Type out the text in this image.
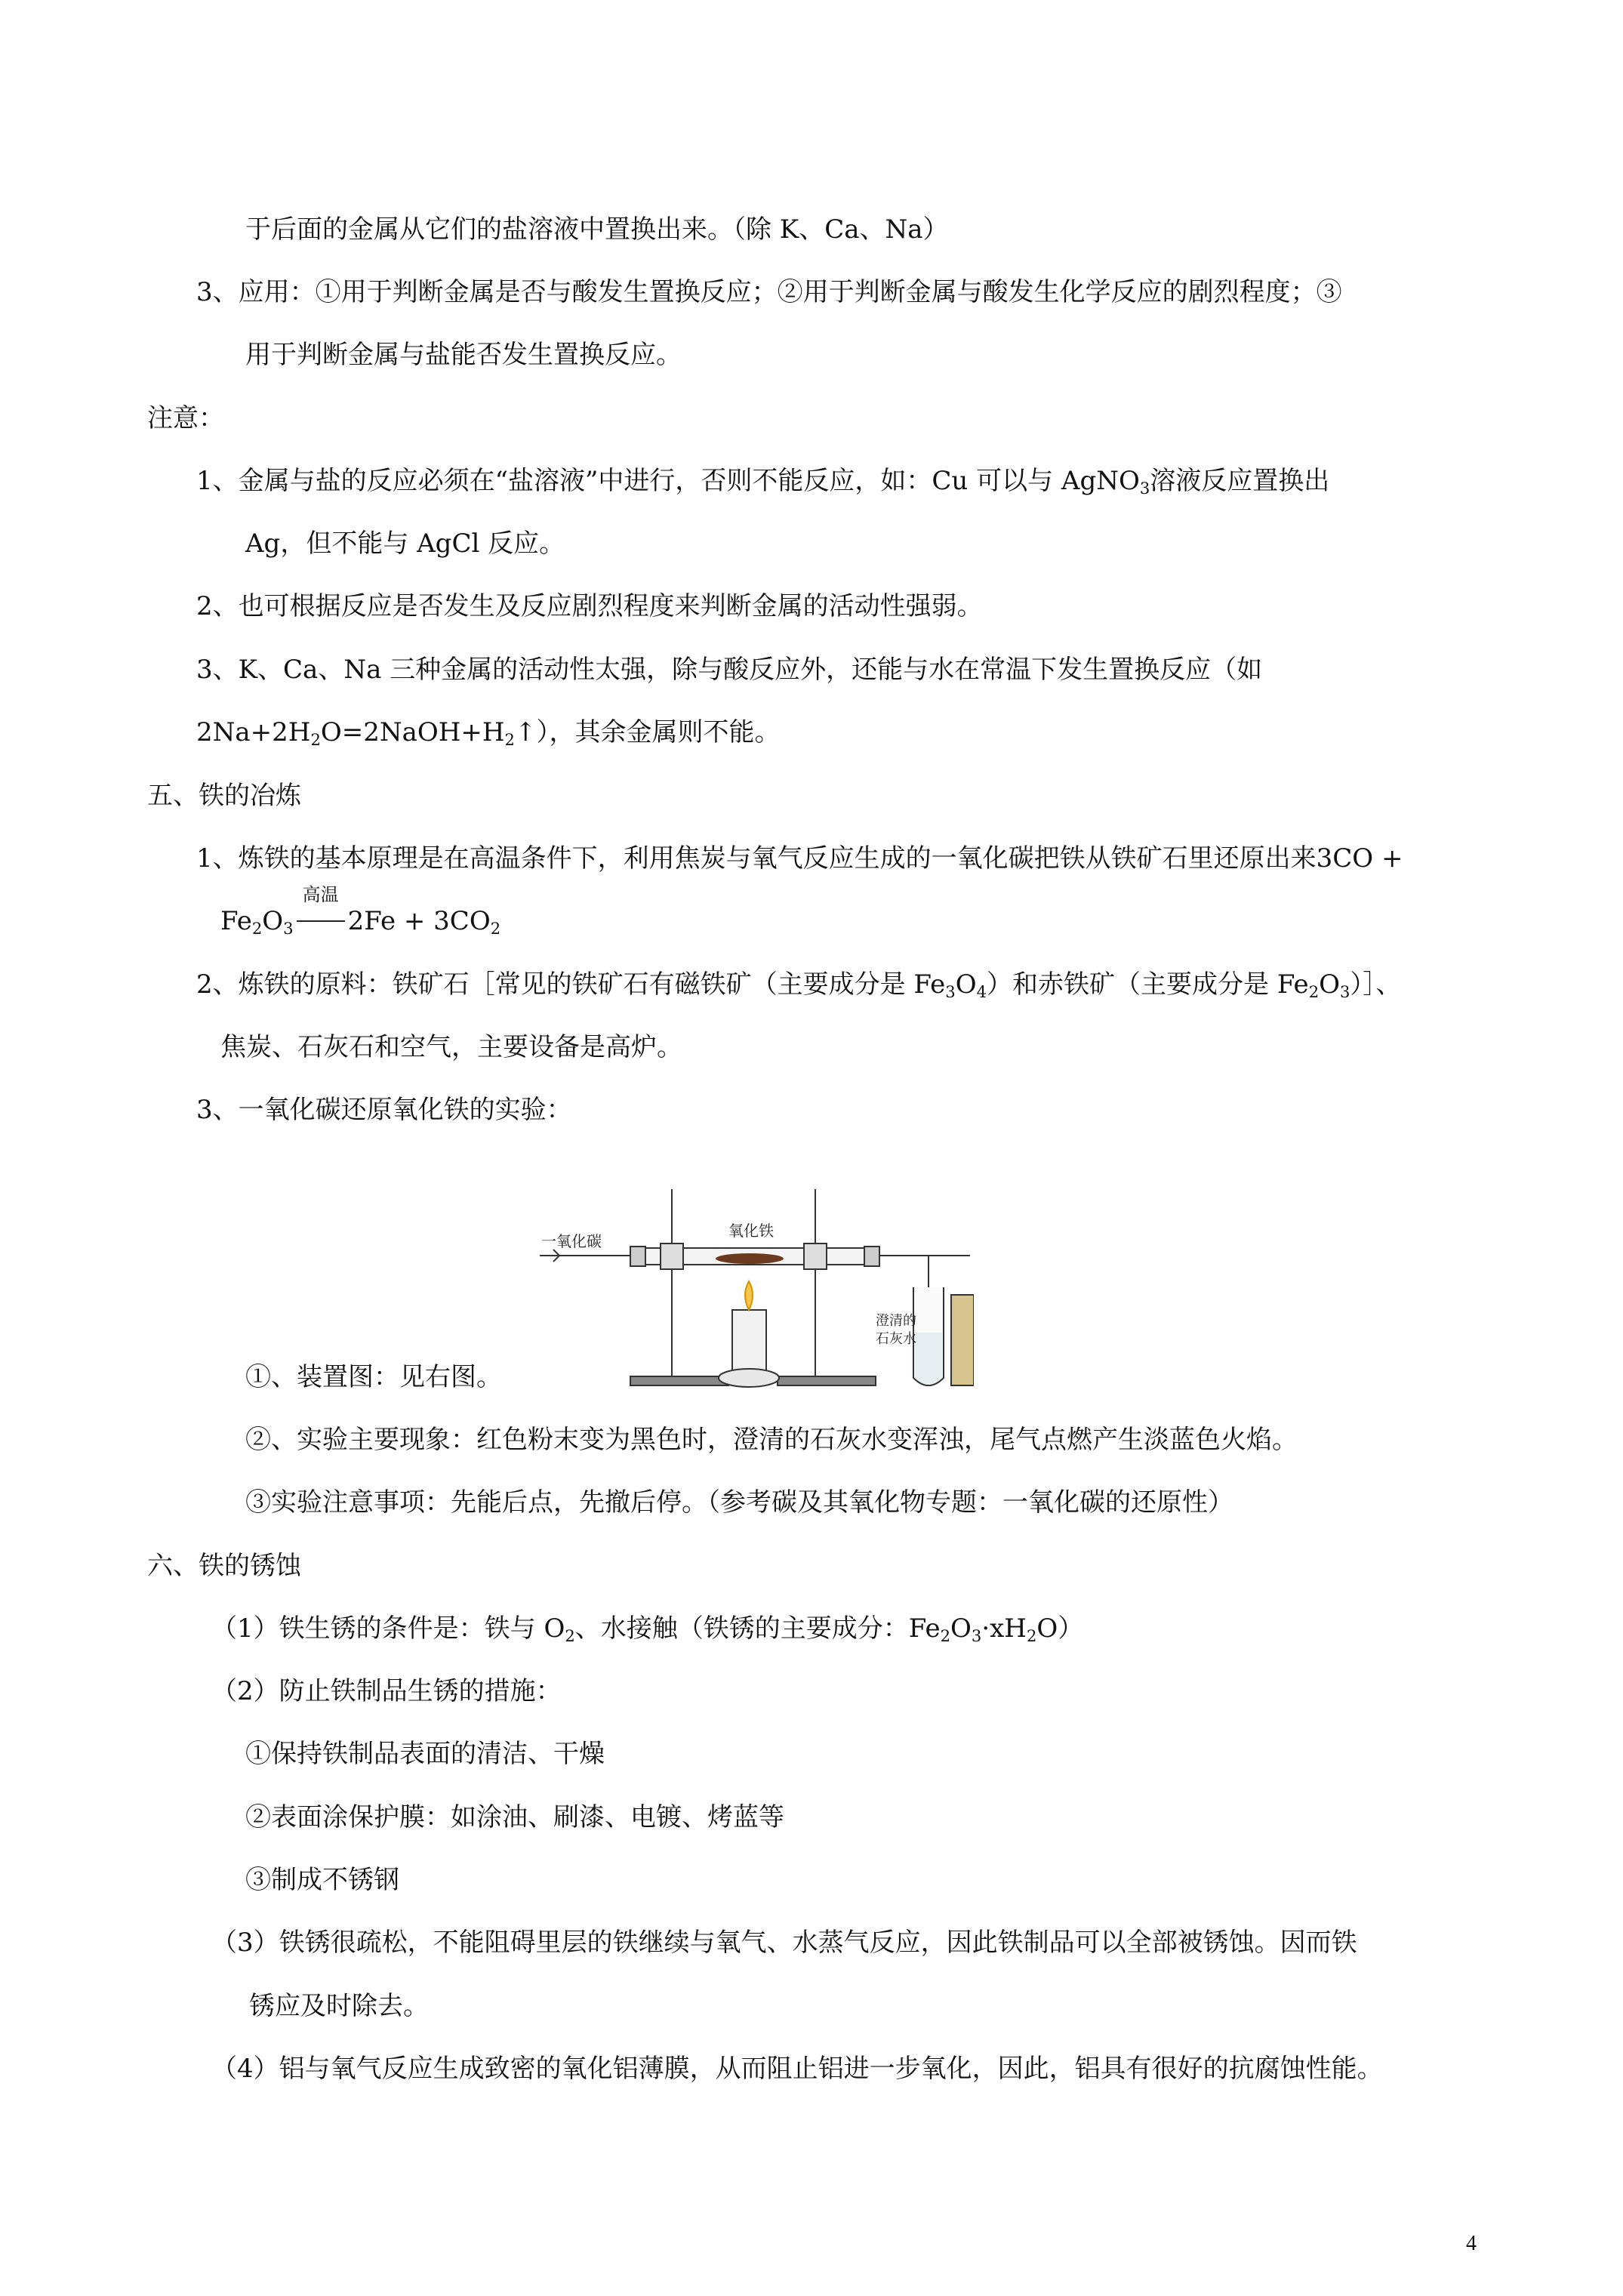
于后面的金属从它们的盐溶液中置换出来。（除 K、Ca、Na）
3、应用：①用于判断金属是否与酸发生置换反应；②用于判断金属与酸发生化学反应的剧烈程度；③
用于判断金属与盐能否发生置换反应。
注意：
1、金属与盐的反应必须在“盐溶液”中进行，否则不能反应，如：Cu 可以与 AgNO$_3$溶液反应置换出
Ag，但不能与 AgCl 反应。
2、也可根据反应是否发生及反应剧烈程度来判断金属的活动性强弱。
3、K、Ca、Na 三种金属的活动性太强，除与酸反应外，还能与水在常温下发生置换反应（如
$2Na+2H_2O=2NaOH+H_2↑$），其余金属则不能。
五、铁的冶炼
1、炼铁的基本原理是在高温条件下，利用焦炭与氧气反应生成的一氧化碳把铁从铁矿石里还原出来3CO +
$Fe_2O_3$
高温
$2Fe + 3CO_2$
2、炼铁的原料：铁矿石［常见的铁矿石有磁铁矿（主要成分是 $Fe_3O_4$）和赤铁矿（主要成分是 $Fe_2O_3)]$、
焦炭、石灰石和空气，主要设备是高炉。
3、一氧化碳还原氧化铁的实验：
一氧化碳
氧化铁
澄清的
石灰水
①、装置图：见右图。
②、实验主要现象：红色粉末变为黑色时，澄清的石灰水变浑浊，尾气点燃产生淡蓝色火焰。
③实验注意事项：先能后点，先撤后停。（参考碳及其氧化物专题：一氧化碳的还原性）
六、铁的锈蚀
（1）铁生锈的条件是：铁与 $O_2$、水接触（铁锈的主要成分：$Fe_2O_3\cdot xH_2O$）
（2）防止铁制品生锈的措施：
①保持铁制品表面的清洁、干燥
②表面涂保护膜：如涂油、刷漆、电镀、烤蓝等
③制成不锈钢
（3）铁锈很疏松，不能阻碍里层的铁继续与氧气、水蒸气反应，因此铁制品可以全部被锈蚀。因而铁
锈应及时除去。
（4）铝与氧气反应生成致密的氧化铝薄膜，从而阻止铝进一步氧化，因此，铝具有很好的抗腐蚀性能。
4
